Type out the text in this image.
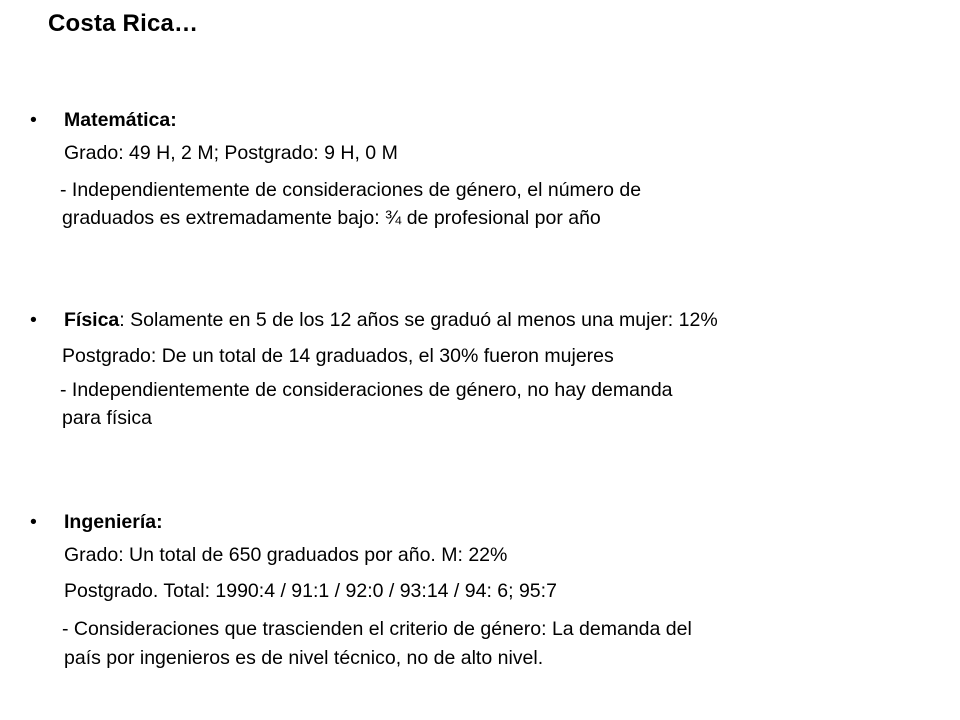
Costa Rica…
• Matemática:
Grado: 49 H, 2 M; Postgrado: 9 H, 0 M
- Independientemente de consideraciones de género, el número de
graduados es extremadamente bajo: ¾ de profesional por año
• Física: Solamente en 5 de los 12 años se graduó al menos una mujer: 12%
Postgrado: De un total de 14 graduados, el 30% fueron mujeres
- Independientemente de consideraciones de género, no hay demanda
para física
• Ingeniería:
Grado: Un total de 650 graduados por año. M: 22%
Postgrado. Total: 1990:4 / 91:1 / 92:0 / 93:14 / 94: 6; 95:7
- Consideraciones que trascienden el criterio de género: La demanda del
país por ingenieros es de nivel técnico, no de alto nivel.
